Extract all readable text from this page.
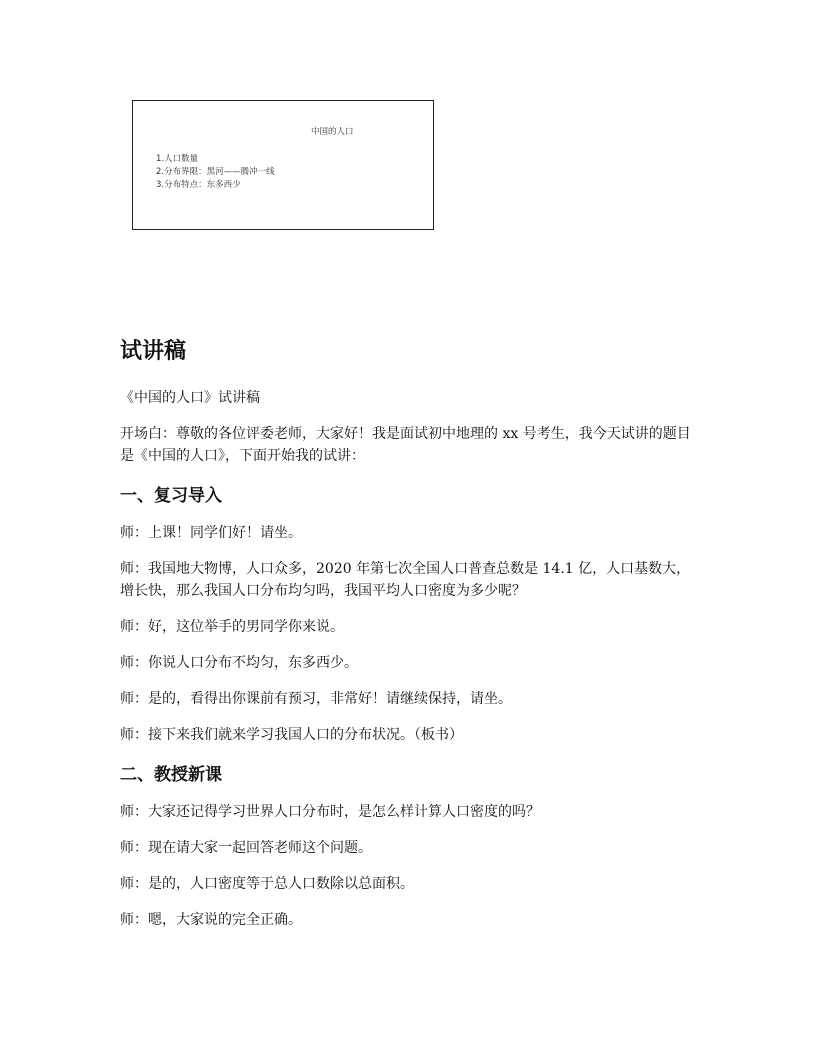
中国的人口
1.人口数量
2.分布界限：黑河——腾冲一线
3.分布特点：东多西少
试讲稿

《中国的人口》试讲稿

开场白：尊敬的各位评委老师，大家好！我是面试初中地理的 xx 号考生，我今天试讲的题目是《中国的人口》，下面开始我的试讲：

一、复习导入

师：上课！同学们好！请坐。

师：我国地大物博，人口众多，2020 年第七次全国人口普查总数是 14.1 亿，人口基数大，增长快，那么我国人口分布均匀吗，我国平均人口密度为多少呢？

师：好，这位举手的男同学你来说。

师：你说人口分布不均匀，东多西少。

师：是的，看得出你课前有预习，非常好！请继续保持，请坐。

师：接下来我们就来学习我国人口的分布状况。（板书）

二、教授新课

师：大家还记得学习世界人口分布时，是怎么样计算人口密度的吗？

师：现在请大家一起回答老师这个问题。

师：是的，人口密度等于总人口数除以总面积。

师：嗯，大家说的完全正确。
